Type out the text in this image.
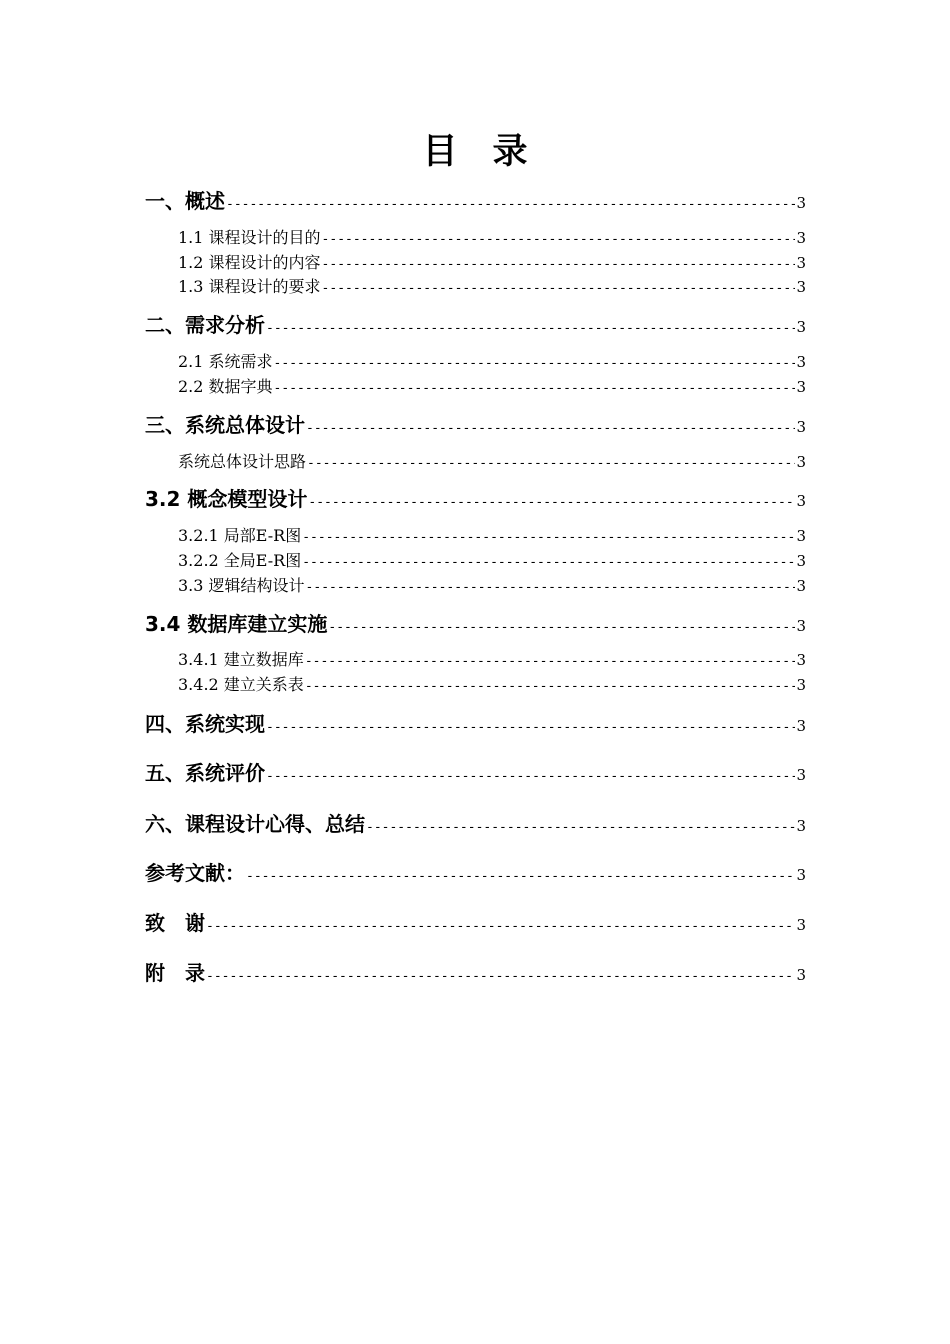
目　录
一、概述 -----	3
1.1 课程设计的目的 -----	3
1.2 课程设计的内容 -----	3
1.3 课程设计的要求 -----	3
二、需求分析 -----	3
2.1 系统需求 -----	3
2.2 数据字典 -----	3
三、系统总体设计 -----	3
系统总体设计思路 -----	3
3.2 概念模型设计 -----	3
3.2.1 局部E-R图 -----	3
3.2.2 全局E-R图 -----	3
3.3 逻辑结构设计 -----	3
3.4 数据库建立实施 -----	3
3.4.1 建立数据库 -----	3
3.4.2 建立关系表 -----	3
四、系统实现 -----	3
五、系统评价 -----	3
六、课程设计心得、总结 -----	3
参考文献： -----	3
致　谢 -----	3
附　录 -----	3
